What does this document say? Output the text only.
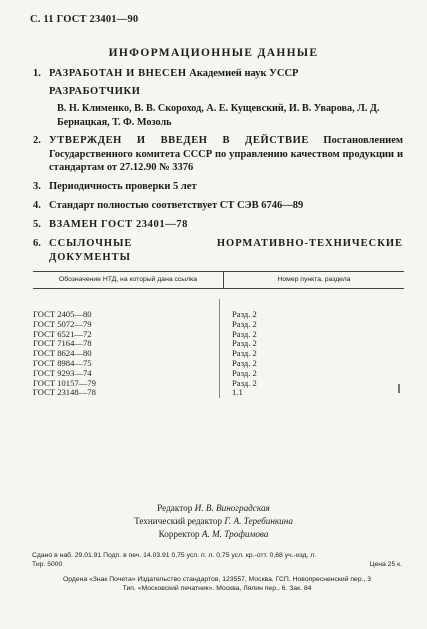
С. 11 ГОСТ 23401—90
ИНФОРМАЦИОННЫЕ ДАННЫЕ
1. РАЗРАБОТАН И ВНЕСЕН Академией наук УССР
РАЗРАБОТЧИКИ
В. Н. Клименко, В. В. Скороход, А. Е. Кущевский, И. В. Уварова, Л. Д. Бернацкая, Т. Ф. Мозоль
2. УТВЕРЖДЕН И ВВЕДЕН В ДЕЙСТВИЕ Постановлением Государственного комитета СССР по управлению качеством продукции и стандартам от 27.12.90 № 3376
3. Периодичность проверки 5 лет
4. Стандарт полностью соответствует СТ СЭВ 6746—89
5. ВЗАМЕН ГОСТ 23401—78
6. ССЫЛОЧНЫЕ НОРМАТИВНО-ТЕХНИЧЕСКИЕ ДОКУМЕНТЫ
Обозначение НТД, на который дана ссылка	Номер пункта, раздела
ГОСТ 2405—80	Разд. 2
ГОСТ 5072—79	Разд. 2
ГОСТ 6521—72	Разд. 2
ГОСТ 7164—78	Разд. 2
ГОСТ 8624—80	Разд. 2
ГОСТ 8984—75	Разд. 2
ГОСТ 9293—74	Разд. 2
ГОСТ 10157—79	Разд. 2
ГОСТ 23148—78	1.1
Редактор И. В. Виноградская
Технический редактор Г. А. Теребинкина
Корректор А. М. Трофимова
Сдано в наб. 29.01.91 Подп. в печ. 14.03.91 0,75 усл. п. л. 0,75 усл. кр.-отт. 0,68 уч.-изд. л.
Тир. 5000	Цена 25 к.
Ордена «Знак Почета» Издательство стандартов, 123557, Москва, ГСП, Новопресненский пер., 3
Тип. «Московский печатник». Москва, Лялин пер., 6. Зак. 84
